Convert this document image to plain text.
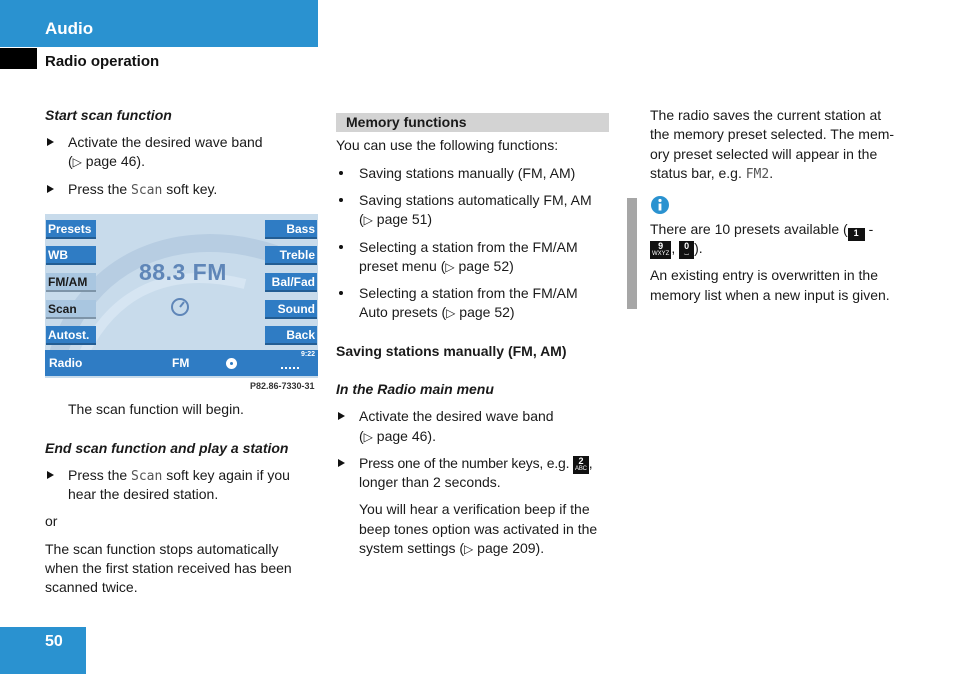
Audio
Radio operation
Start scan function
Activate the desired wave band
(▷ page 46).
Press the Scan soft key.
Presets
WB
FM/AM
Scan
Autost.
Bass
Treble
Bal/Fad
Sound
Back
88.3 FM
Radio	FM
9:22
P82.86-7330-31
The scan function will begin.
End scan function and play a station
Press the Scan soft key again if you
hear the desired station.
or
The scan function stops automatically
when the first station received has been
scanned twice.
Memory functions
You can use the following functions:
Saving stations manually (FM, AM)
Saving stations automatically FM, AM
(▷ page 51)
Selecting a station from the FM/AM
preset menu (▷ page 52)
Selecting a station from the FM/AM
Auto presets (▷ page 52)
Saving stations manually (FM, AM)
In the Radio main menu
Activate the desired wave band
(▷ page 46).
Press one of the number keys, e.g. 2
ABC ,
longer than 2 seconds.
You will hear a verification beep if the
beep tones option was activated in the
system settings (▷ page 209).
The radio saves the current station at
the memory preset selected. The mem-
ory preset selected will appear in the
status bar, e.g. FM2.
There are 10 presets available ( 1 -
9
WXYZ , 0
⌴ ).
An existing entry is overwritten in the
memory list when a new input is given.
50
